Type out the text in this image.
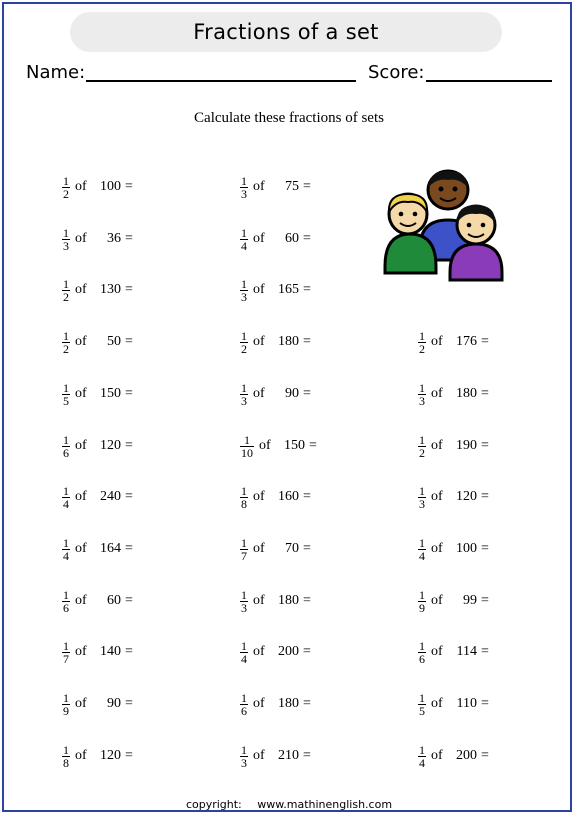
Fractions of a set
Name:	Score:
Calculate these fractions of sets
$\frac{1}{2}$ of 100 =	$\frac{1}{3}$ of	75 =
$\frac{1}{3}$ of	36 =	$\frac{1}{4}$ of	60 =
$\frac{1}{2}$ of 130 =	$\frac{1}{3}$ of 165 =
$\frac{1}{2}$ of	50 =	$\frac{1}{2}$ of 180 =	$\frac{1}{2}$ of 176 =
$\frac{1}{5}$ of 150 =	$\frac{1}{3}$ of	90 =	$\frac{1}{3}$ of 180 =
$\frac{1}{6}$ of 120 =	$\frac{1}{10}$ of 150 =	$\frac{1}{2}$ of 190 =
$\frac{1}{4}$ of 240 =	$\frac{1}{8}$ of 160 =	$\frac{1}{3}$ of 120 =
$\frac{1}{4}$ of 164 =	$\frac{1}{7}$ of	70 =	$\frac{1}{4}$ of 100 =
$\frac{1}{6}$ of	60 =	$\frac{1}{3}$ of 180 =	$\frac{1}{9}$ of	99 =
$\frac{1}{7}$ of 140 =	$\frac{1}{4}$ of 200 =	$\frac{1}{6}$ of 114 =
$\frac{1}{9}$ of	90 =	$\frac{1}{6}$ of 180 =	$\frac{1}{5}$ of 110 =
$\frac{1}{8}$ of 120 =	$\frac{1}{3}$ of 210 =	$\frac{1}{4}$ of 200 =
copyright: www.mathinenglish.com
